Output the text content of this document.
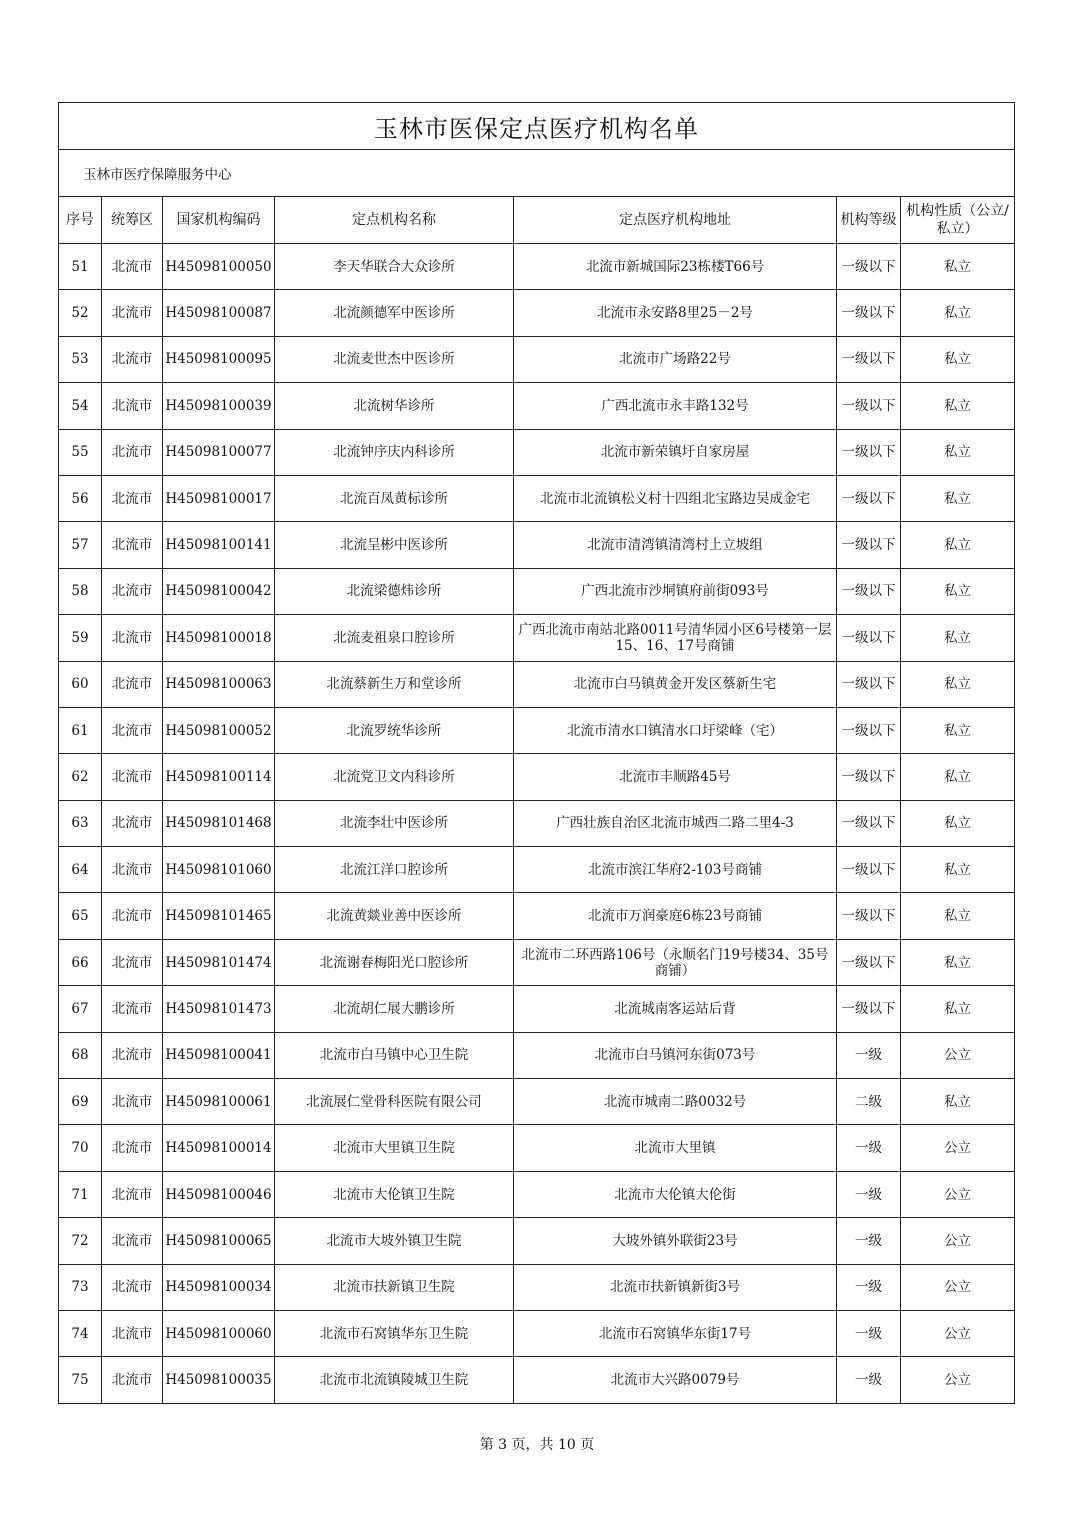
玉林市医保定点医疗机构名单						
玉林市医疗保障服务中心						
序号	统筹区	国家机构编码	定点机构名称	定点医疗机构地址	机构等级	机构性质（公立/私立）
51	北流市	H45098100050	李天华联合大众诊所	北流市新城国际23栋楼T66号	一级以下	私立
52	北流市	H45098100087	北流颜德军中医诊所	北流市永安路8里25－2号	一级以下	私立
53	北流市	H45098100095	北流麦世杰中医诊所	北流市广场路22号	一级以下	私立
54	北流市	H45098100039	北流树华诊所	广西北流市永丰路132号	一级以下	私立
55	北流市	H45098100077	北流钟序庆内科诊所	北流市新荣镇圩自家房屋	一级以下	私立
56	北流市	H45098100017	北流百凤黄标诊所	北流市北流镇松义村十四组北宝路边吴成金宅	一级以下	私立
57	北流市	H45098100141	北流呈彬中医诊所	北流市清湾镇清湾村上立坡组	一级以下	私立
58	北流市	H45098100042	北流梁德炜诊所	广西北流市沙垌镇府前街093号	一级以下	私立
59	北流市	H45098100018	北流麦祖泉口腔诊所	广西北流市南站北路0011号清华园小区6号楼第一层15、16、17号商铺	一级以下	私立
60	北流市	H45098100063	北流蔡新生万和堂诊所	北流市白马镇黄金开发区蔡新生宅	一级以下	私立
61	北流市	H45098100052	北流罗统华诊所	北流市清水口镇清水口圩梁峰（宅）	一级以下	私立
62	北流市	H45098100114	北流党卫文内科诊所	北流市丰顺路45号	一级以下	私立
63	北流市	H45098101468	北流李壮中医诊所	广西壮族自治区北流市城西二路二里4-3	一级以下	私立
64	北流市	H45098101060	北流江洋口腔诊所	北流市滨江华府2-103号商铺	一级以下	私立
65	北流市	H45098101465	北流黄燚业善中医诊所	北流市万润豪庭6栋23号商铺	一级以下	私立
66	北流市	H45098101474	北流谢春梅阳光口腔诊所	北流市二环西路106号（永顺名门19号楼34、35号商铺）	一级以下	私立
67	北流市	H45098101473	北流胡仁展大鹏诊所	北流城南客运站后背	一级以下	私立
68	北流市	H45098100041	北流市白马镇中心卫生院	北流市白马镇河东街073号	一级	公立
69	北流市	H45098100061	北流展仁堂骨科医院有限公司	北流市城南二路0032号	二级	私立
70	北流市	H45098100014	北流市大里镇卫生院	北流市大里镇	一级	公立
71	北流市	H45098100046	北流市大伦镇卫生院	北流市大伦镇大伦街	一级	公立
72	北流市	H45098100065	北流市大坡外镇卫生院	大坡外镇外联街23号	一级	公立
73	北流市	H45098100034	北流市扶新镇卫生院	北流市扶新镇新街3号	一级	公立
74	北流市	H45098100060	北流市石窝镇华东卫生院	北流市石窝镇华东街17号	一级	公立
75	北流市	H45098100035	北流市北流镇陵城卫生院	北流市大兴路0079号	一级	公立
第 3 页，共 10 页
